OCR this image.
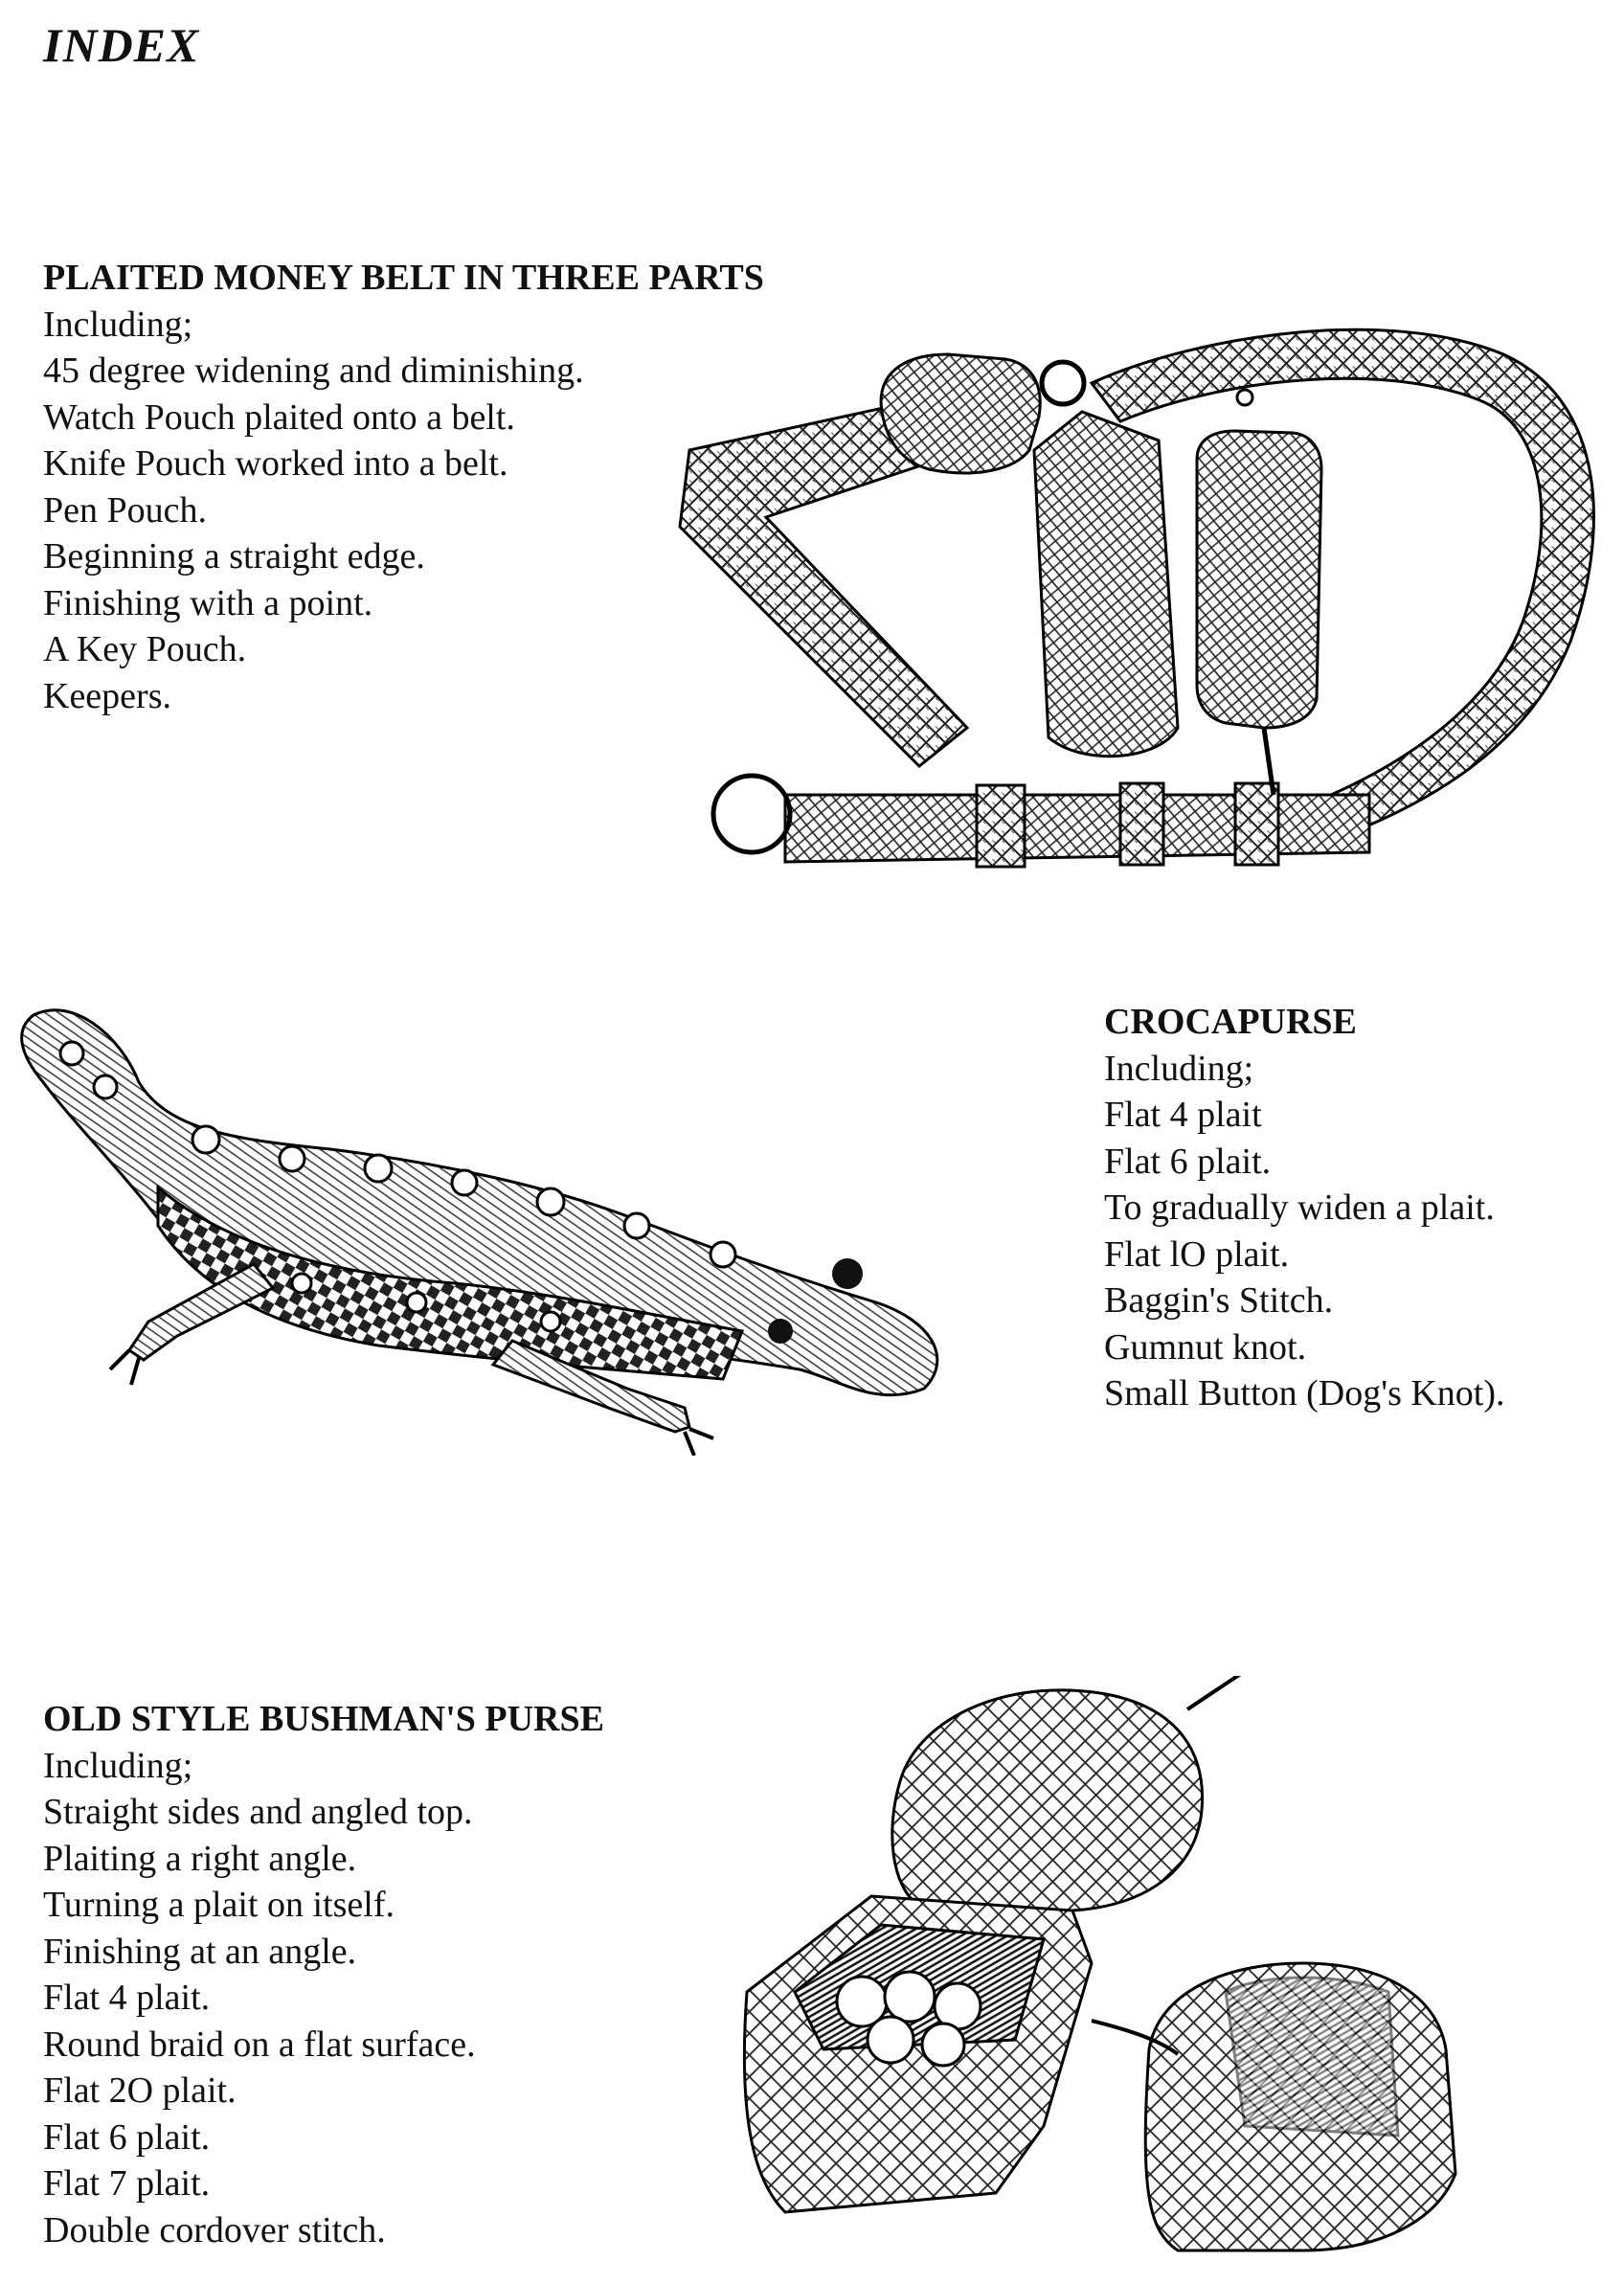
INDEX
PLAITED MONEY BELT IN THREE PARTS
Including;
45 degree widening and diminishing.
Watch Pouch plaited onto a belt.
Knife Pouch worked into a belt.
Pen Pouch.
Beginning a straight edge.
Finishing with a point.
A Key Pouch.
Keepers.
CROCAPURSE
Including;
Flat 4 plait
Flat 6 plait.
To gradually widen a plait.
Flat lO plait.
Baggin's Stitch.
Gumnut knot.
Small Button (Dog's Knot).
OLD STYLE BUSHMAN'S PURSE
Including;
Straight sides and angled top.
Plaiting a right angle.
Turning a plait on itself.
Finishing at an angle.
Flat 4 plait.
Round braid on a flat surface.
Flat 2O plait.
Flat 6 plait.
Flat 7 plait.
Double cordover stitch.
